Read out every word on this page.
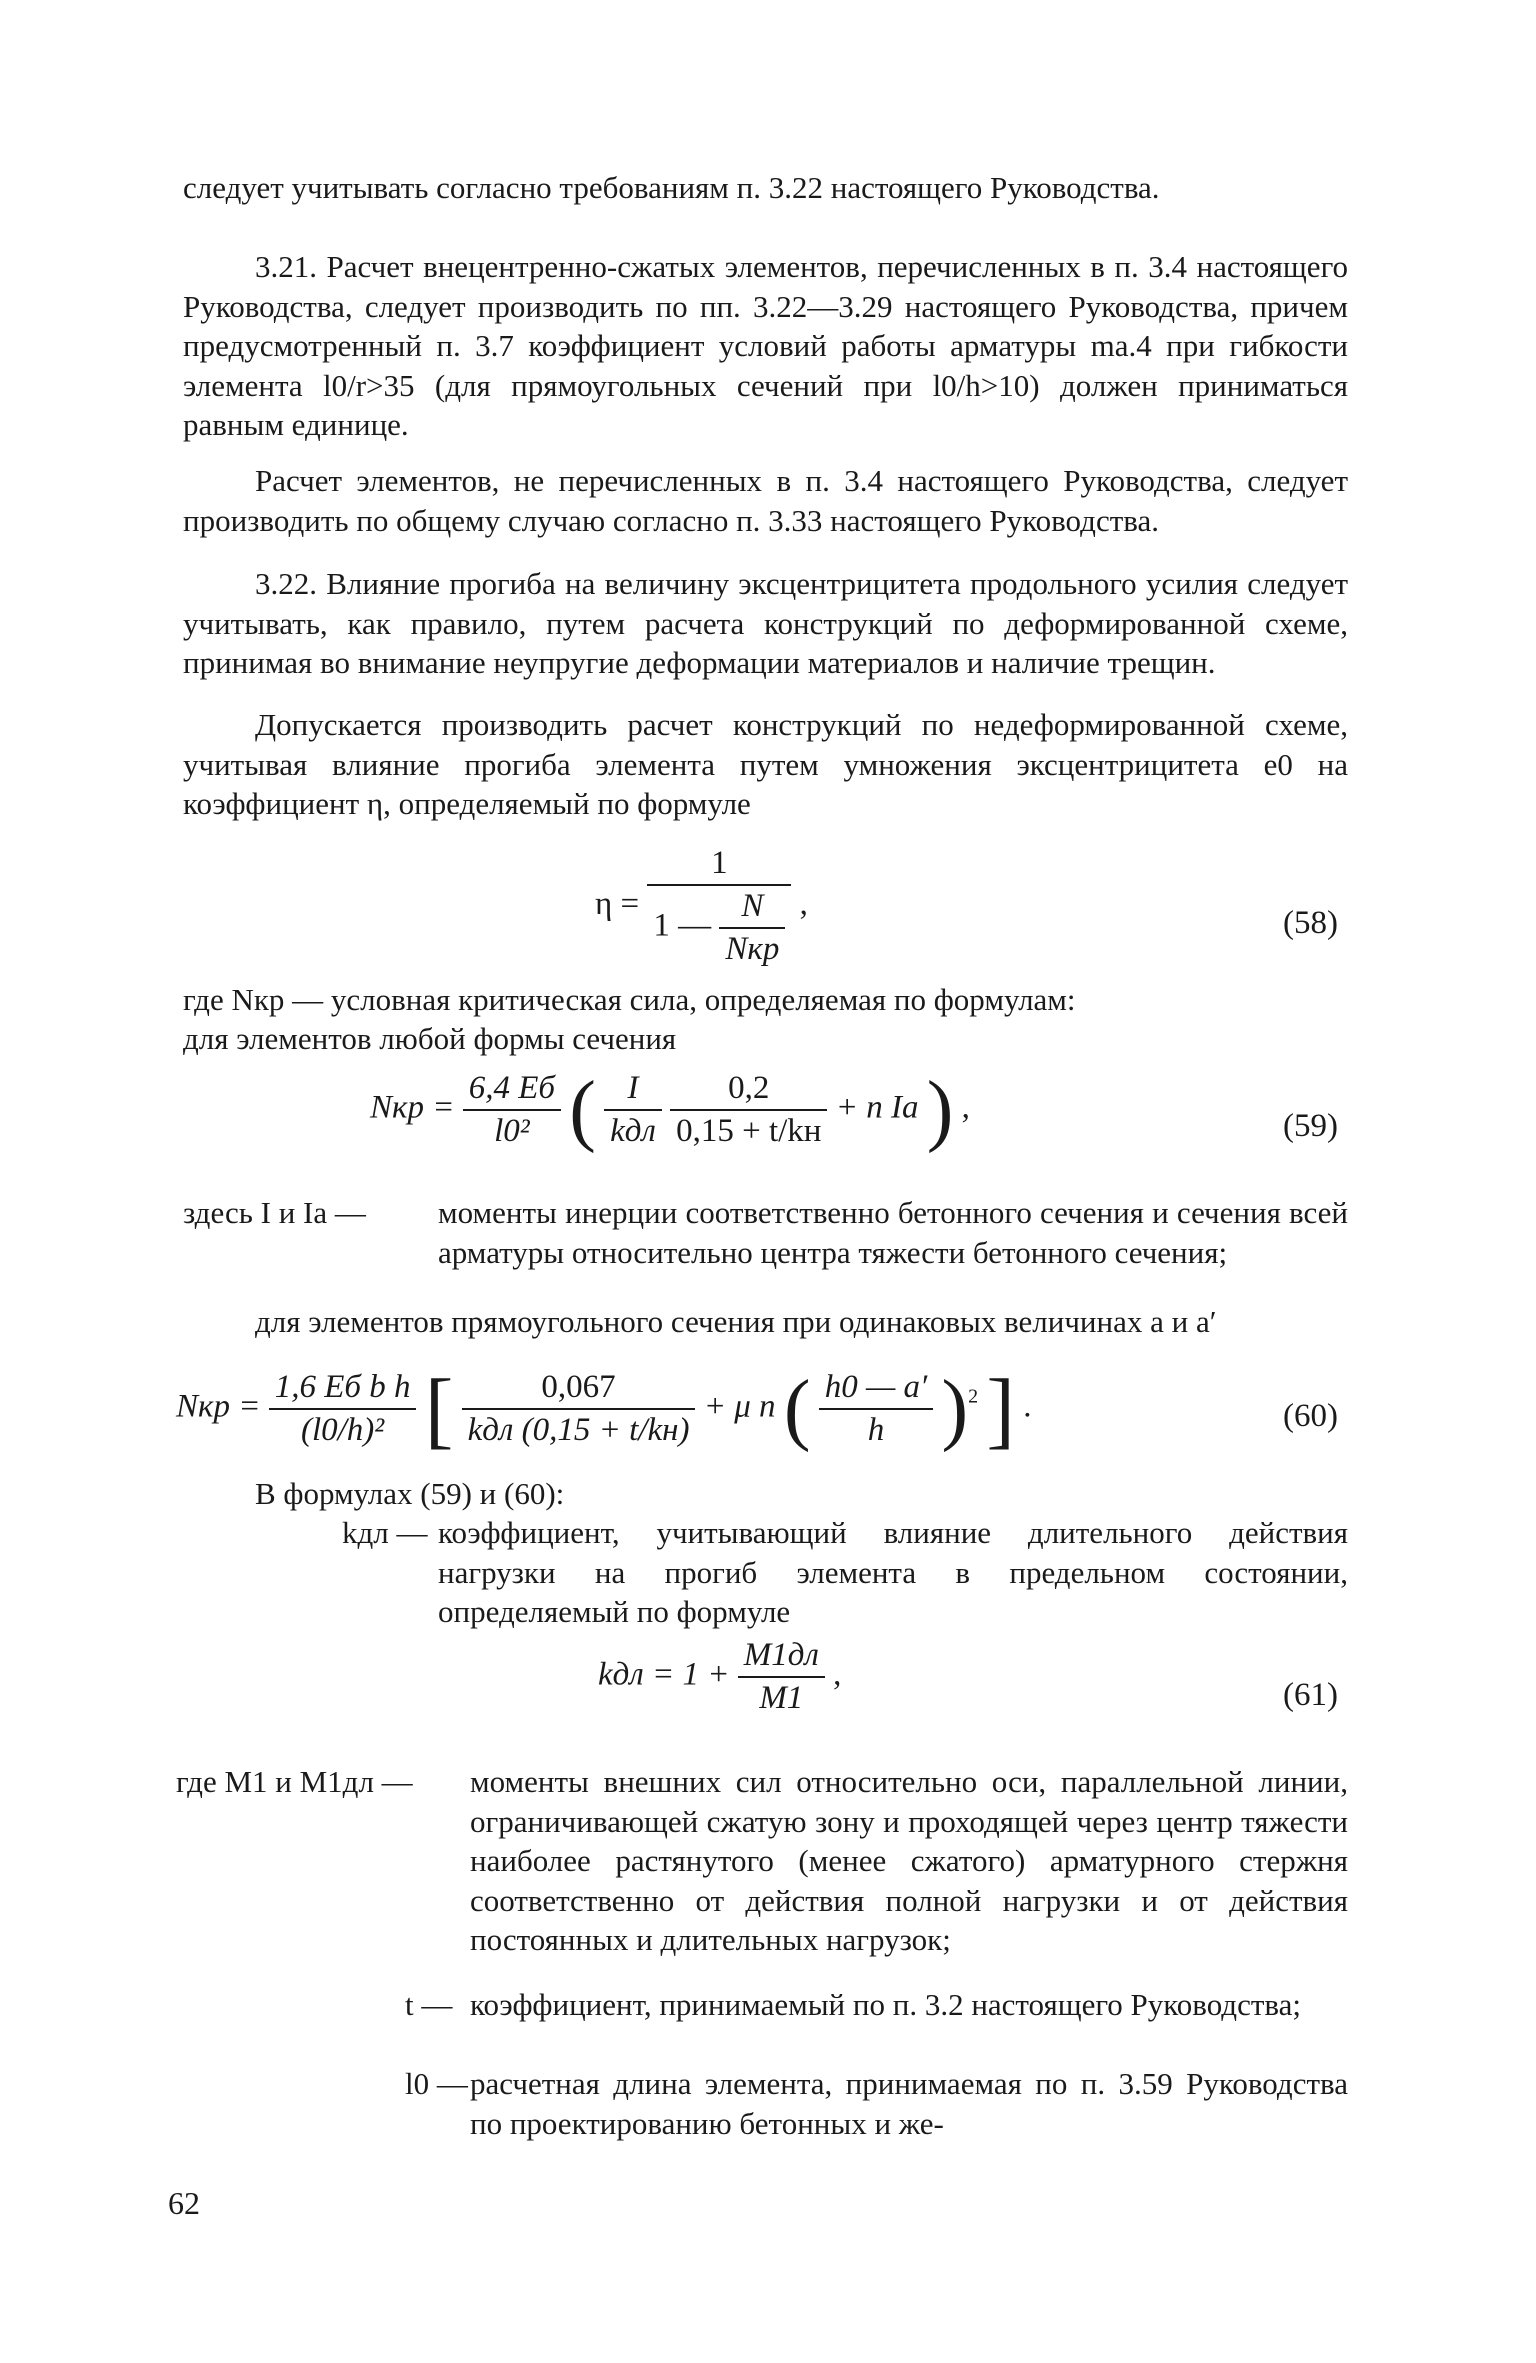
следует учитывать согласно требованиям п. 3.22 настоящего Руководства.

3.21. Расчет внецентренно-сжатых элементов, перечисленных в п. 3.4 настоящего Руководства, следует производить по пп. 3.22—3.29 настоящего Руководства, причем предусмотренный п. 3.7 коэффициент условий работы арматуры mа.4 при гибкости элемента l0/r>35 (для прямоугольных сечений при l0/h>10) должен приниматься равным единице.

Расчет элементов, не перечисленных в п. 3.4 настоящего Руководства, следует производить по общему случаю согласно п. 3.33 настоящего Руководства.

3.22. Влияние прогиба на величину эксцентрицитета продольного усилия следует учитывать, как правило, путем расчета конструкций по деформированной схеме, принимая во внимание неупругие деформации материалов и наличие трещин.

Допускается производить расчет конструкций по недеформированной схеме, учитывая влияние прогиба элемента путем умножения эксцентрицитета e0 на коэффициент η, определяемый по формуле

$\eta = \frac{1}{1 — \frac{N}{\text{Nкр}}}$ ,
(58)

где Nкр — условная критическая сила, определяемая по формулам:

для элементов любой формы сечения

Nкр = $\frac{6,4 Eб}{\text{l0²}}$ ( $\frac{I}{\text{kдл}}$
$\frac{0,2}{0,15 + t/kн} + n$ Iа ) ,
(59)
здесь I и Iа — моменты инерции соответственно бетонного сечения и сечения всей арматуры относительно центра тяжести бетонного сечения;

для элементов прямоугольного сечения при одинаковых величинах a и a′

Nкр = $\frac{\text{1,6 Eб b h}}{\text{(l0/h)²}}$ [ $\frac{0,067}{\text{kдл (0,15 + t/kн)}} + \mu$ n ( $\frac{h0 — a'}{h} )^2$ ] .	(60)

В формулах (59) и (60):

kдл — коэффициент, учитывающий влияние длительного действия нагрузки на прогиб элемента в предельном состоянии, определяемый по формуле

kдл = $1 + \frac{M1дл}{M1}$ ,
(61)
где M1 и M1дл — моменты внешних сил относительно оси, параллельной линии, ограничивающей сжатую зону и проходящей через центр тяжести наиболее растянутого (менее сжатого) арматурного стержня соответственно от действия полной нагрузки и от действия постоянных и длительных нагрузок;

t — коэффициент, принимаемый по п. 3.2 настоящего Руководства;

l0 — расчетная длина элемента, принимаемая по п. 3.59 Руководства по проектированию бетонных и же-

62
